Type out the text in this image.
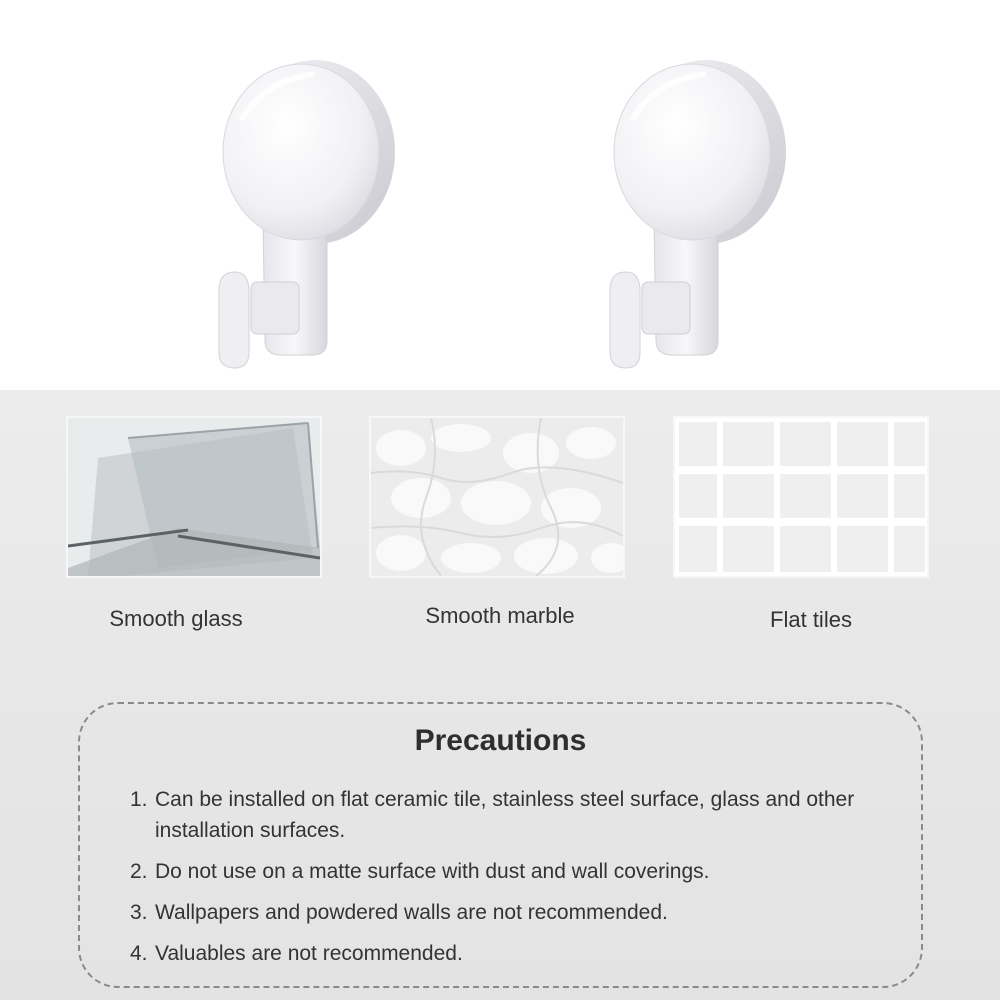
Smooth glass	Smooth marble	Flat tiles
Precautions
1. Can be installed on flat ceramic tile, stainless steel surface, glass and other installation surfaces.
2. Do not use on a matte surface with dust and wall coverings.
3. Wallpapers and powdered walls are not recommended.
4. Valuables are not recommended.
